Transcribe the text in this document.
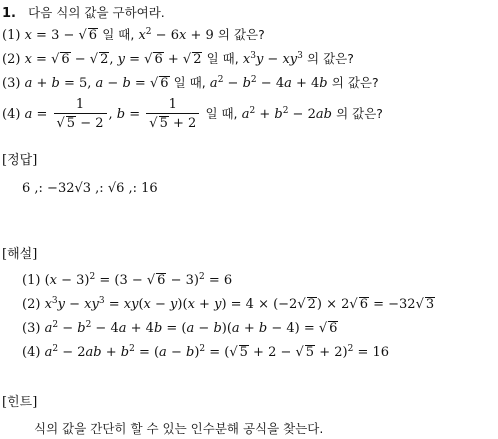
1. 다음 식의 값을 구하여라.
(1) x = 3 − √ 6 일 때, $x^2 - 6x + 9$ 의 값은?
(2) x = √ 6 − √ 2, y = √ 6 + √ 2 일 때, $x^3y - xy^3$ 의 값은?
(3) a + b = 5, a − b = √ 6 일 때, $a^2 - b^2 - 4a + 4b$ 의 값은?
(4) $a = \frac{1}{√ 5 - 2}$ , $b = \frac{1}{√ 5 + 2}$ 일 때, $a^2 + b^2 - 2ab$ 의 값은?
[정답]
6 ,: −32√3 ,: √6 ,: 16
[해설]
(1) $(x - 3)^2 = (3$ − √ 6 − 3)$^2$ = 6
(2) $x^3y - xy^3 = xy(x - y)(x + y) = 4 \times (-2√$ 2) × 2√ 6 = −32√ 3
(3) $a^2 - b^2 - 4a + 4b = (a - b)(a + b - 4)$ = √ 6
(4) $a^2 - 2ab + b^2 = (a - b)^2$ = (√ 5 + 2 − √ 5 + 2)$^2$ = 16
[힌트]
식의 값을 간단히 할 수 있는 인수분해 공식을 찾는다.
